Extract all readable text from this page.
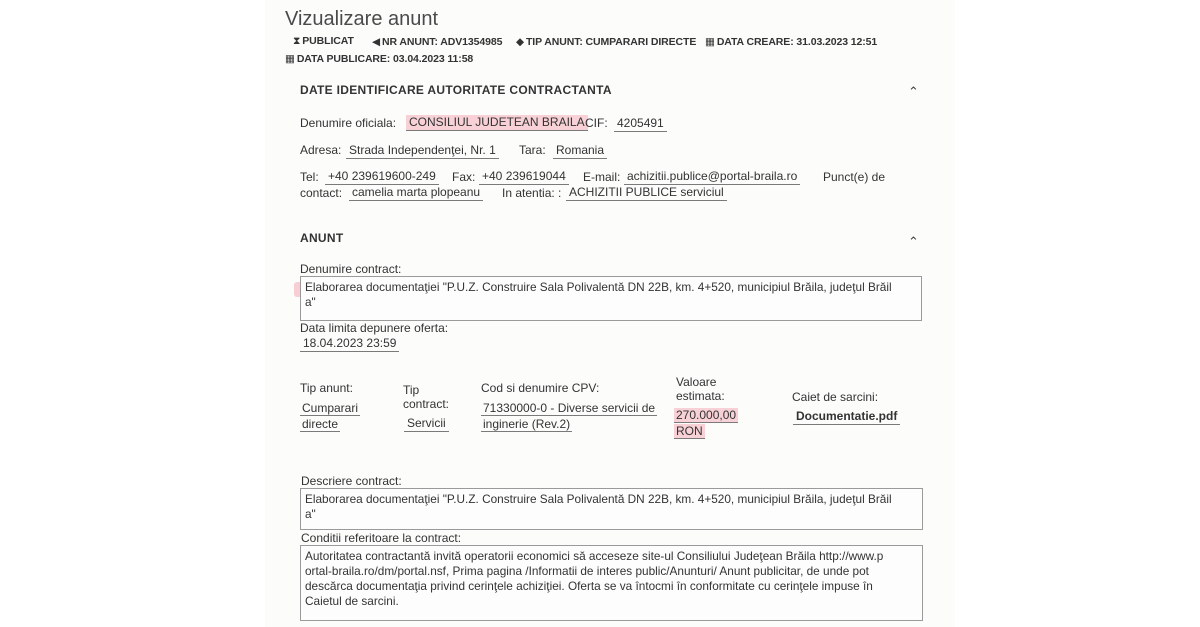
Vizualizare anunt
⧗ PUBLICAT ◀ NR ANUNT: ADV1354985 ◆ TIP ANUNT: CUMPARARI DIRECTE ▦ DATA CREARE: 31.03.2023 12:51
▦ DATA PUBLICARE: 03.04.2023 11:58
DATE IDENTIFICARE AUTORITATE CONTRACTANTA	⌃
Denumire oficiala: CONSILIUL JUDETEAN BRAILA CIF: 4205491
Adresa: Strada Independenţei, Nr. 1 Tara: Romania
Tel: +40 239619600-249 Fax: +40 239619044 E-mail: achizitii.publice@portal-braila.ro Punct(e) de
contact: camelia marta plopeanu In atentia: : ACHIZITII PUBLICE serviciul
ANUNT	⌃
Denumire contract:
Elaborarea documentaţiei "P.U.Z. Construire Sala Polivalentă DN 22B, km. 4+520, municipiul Brăila, judeţul Brăil
a"
Data limita depunere oferta:
18.04.2023 23:59
Tip anunt:
Cumparari
directe
Tip
contract:
Servicii
Cod si denumire CPV:
71330000-0 - Diverse servicii de
inginerie (Rev.2)
Valoare
estimata:
270.000,00
RON
Caiet de sarcini:
Documentatie.pdf
Descriere contract:
Elaborarea documentaţiei "P.U.Z. Construire Sala Polivalentă DN 22B, km. 4+520, municipiul Brăila, judeţul Brăil
a"
Conditii referitoare la contract:
Autoritatea contractantă invită operatorii economici să acceseze site-ul Consiliului Judeţean Brăila http://www.p
ortal-braila.ro/dm/portal.nsf, Prima pagina /Informatii de interes public/Anunturi/ Anunt publicitar, de unde pot
descărca documentaţia privind cerinţele achiziţiei. Oferta se va întocmi în conformitate cu cerinţele impuse în
Caietul de sarcini.
